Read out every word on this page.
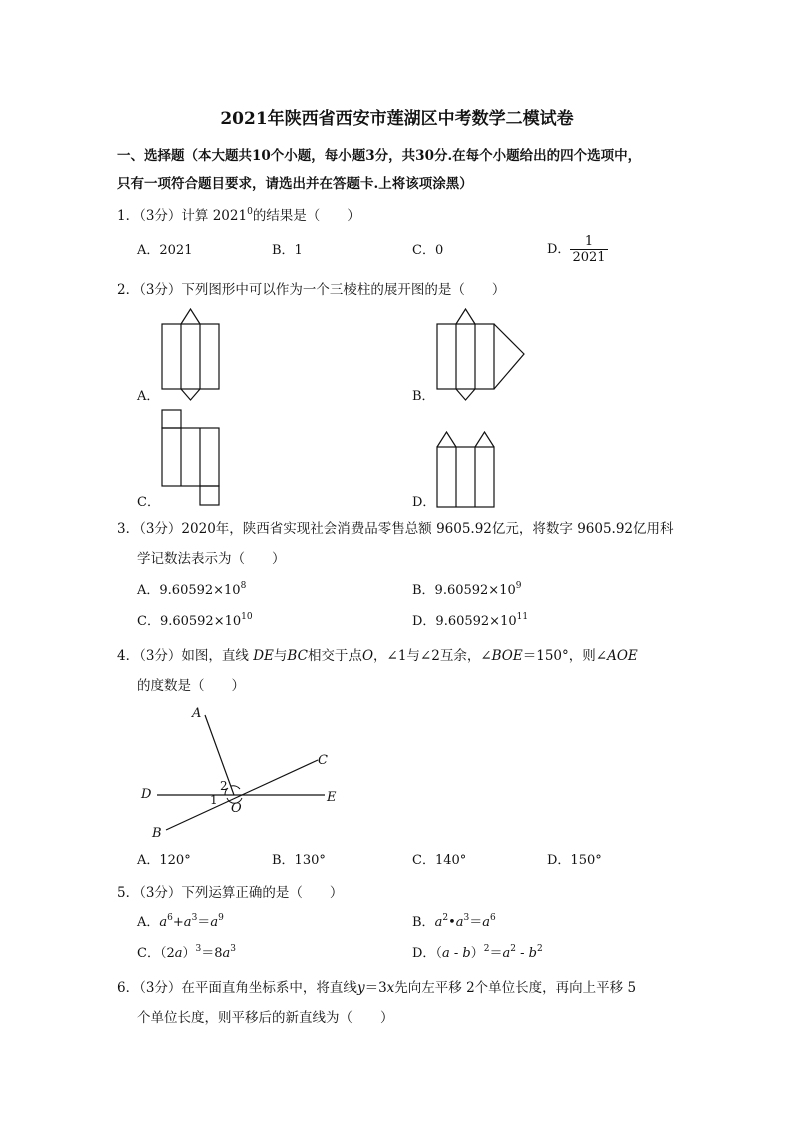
2021年陕西省西安市莲湖区中考数学二模试卷
一、选择题（本大题共10个小题，每小题3分，共30分.在每个小题给出的四个选项中，
只有一项符合题目要求，请选出并在答题卡.上将该项涂黑）
1．（3分）计算 2021$^0$的结果是（　　）
A．2021	B．1	C．0	D． $\frac{1}{2021}$
2．（3分）下列图形中可以作为一个三棱柱的展开图的是（　　）
A．	B．
C．	D．
3．（3分）2020年，陕西省实现社会消费品零售总额 9605.92亿元，将数字 9605.92亿用科
学记数法表示为（　　）
A．$9.60592\times 10^8$	B．$9.60592\times 10^9$
C．$9.60592\times 10^{10}$	D．$9.60592\times 10^{11}$
4．（3分）如图，直线 DE与BC相交于点O，∠1与∠2互余，∠BOE＝150°，则∠AOE
的度数是（　　）
A
C
D	E
B
O
1
2
A．120°	B．130°	C．140°	D．150°
5．（3分）下列运算正确的是（　　）
A．$a^6+a^3=a^9$	B．$a^2•a^3=a^6$
C．$(2a)^3=8a^3$	D．$(a - b)^2=a^2 - b^2$
6．（3分）在平面直角坐标系中，将直线y＝3x先向左平移 2个单位长度，再向上平移 5
个单位长度，则平移后的新直线为（　　）
